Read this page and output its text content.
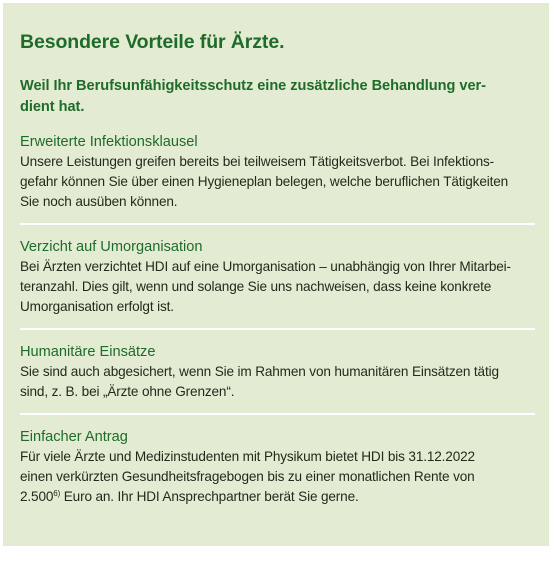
Besondere Vorteile für Ärzte.

Weil Ihr Berufsunfähigkeitsschutz eine zusätzliche Behandlung ver-
dient hat.

Erweiterte Infektionsklausel

Unsere Leistungen greifen bereits bei teilweisem Tätigkeitsverbot. Bei Infektions-
gefahr können Sie über einen Hygieneplan belegen, welche beruflichen Tätigkeiten
Sie noch ausüben können.

Verzicht auf Umorganisation

Bei Ärzten verzichtet HDI auf eine Umorganisation – unabhängig von Ihrer Mitarbei-
teranzahl. Dies gilt, wenn und solange Sie uns nachweisen, dass keine konkrete
Umorganisation erfolgt ist.

Humanitäre Einsätze

Sie sind auch abgesichert, wenn Sie im Rahmen von humanitären Einsätzen tätig
sind, z. B. bei „Ärzte ohne Grenzen“.

Einfacher Antrag

Für viele Ärzte und Medizinstudenten mit Physikum bietet HDI bis 31.12.2022
einen verkürzten Gesundheitsfragebogen bis zu einer monatlichen Rente von
2.500$^{6)}$ Euro an. Ihr HDI Ansprechpartner berät Sie gerne.
